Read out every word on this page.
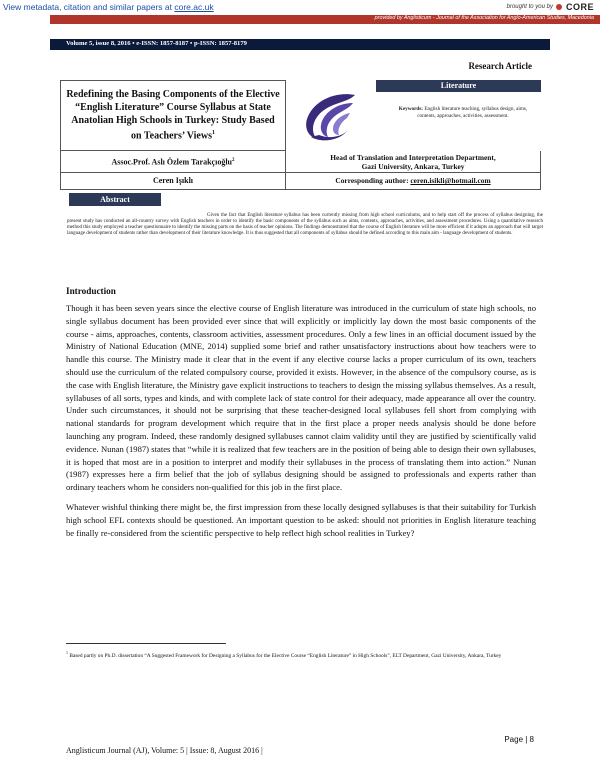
View metadata, citation and similar papers at core.ac.uk	brought to you by CORE
provided by Anglisticum - Journal of the Association for Anglo-American Studies, Macedonia
Volume 5, issue 8, 2016 • e-ISSN: 1857-8187 • p-ISSN: 1857-8179
Research Article
Redefining the Basing Components of the Elective “English Literature” Course Syllabus at State Anatolian High Schools in Turkey: Study Based on Teachers’ Views$^1$
Literature
Keywords: English literature teaching, syllabus design, aims, contents, approaches, activities, assessment.
Assoc.Prof. Aslı Özlem Tarakçıoğlu$^2$	Head of Translation and Interpretation Department,
Gazi University, Ankara, Turkey
Ceren Işıklı	Corresponding author: ceren.isikli@hotmail.com
Abstract
Given the fact that English literature syllabus has been currently missing from high school curriculums, and to help start off the process of syllabus designing, the present study has conducted an all-country survey with English teachers in order to identify the basic components of the syllabus such as aims, contents, approaches, activities, and assessment procedures. Using a quantitative research method this study employed a teacher questionnaire to identify the missing parts on the basis of teacher opinions. The findings demonstrated that the course of English literature will be more efficient if it adopts an approach that will target language development of students rather than development of their literature knowledge. It is thus suggested that all components of syllabus should be defined according to this main aim - language development of students.
Introduction

Though it has been seven years since the elective course of English literature was introduced in the curriculum of state high schools, no single syllabus document has been provided ever since that will explicitly or implicitly lay down the most basic components of the course - aims, approaches, contents, classroom activities, assessment procedures. Only a few lines in an official document issued by the Ministry of National Education (MNE, 2014) supplied some brief and rather unsatisfactory instructions about how teachers were to handle this course. The Ministry made it clear that in the event if any elective course lacks a proper curriculum of its own, teachers should use the curriculum of the related compulsory course, provided it exists. However, in the absence of the compulsory course, as is the case with English literature, the Ministry gave explicit instructions to teachers to design the missing syllabus themselves. As a result, syllabuses of all sorts, types and kinds, and with complete lack of state control for their adequacy, made appearance all over the country. Under such circumstances, it should not be surprising that these teacher-designed local syllabuses fell short from complying with national standards for program development which require that in the first place a proper needs analysis should be done before launching any program. Indeed, these randomly designed syllabuses cannot claim validity until they are justified by scientifically valid evidence. Nunan (1987) states that “while it is realized that few teachers are in the position of being able to design their own syllabuses, it is hoped that most are in a position to interpret and modify their syllabuses in the process of translating them into action.” Nunan (1987) expresses here a firm belief that the job of syllabus designing should be assigned to professionals and experts rather than ordinary teachers whom he considers non-qualified for this job in the first place.

Whatever wishful thinking there might be, the first impression from these locally designed syllabuses is that their suitability for Turkish high school EFL contexts should be questioned. An important question to be asked: should not priorities in English literature teaching be finally re-considered from the scientific perspective to help reflect high school realities in Turkey?

$^1$ Based partly on Ph.D. dissertation “A Suggested Framework for Designing a Syllabus for the Elective Course “English Literature” in High Schools”, ELT Department, Gazi University, Ankara, Turkey
Page | 8
Anglisticum Journal (AJ), Volume: 5 | Issue: 8, August 2016 |
